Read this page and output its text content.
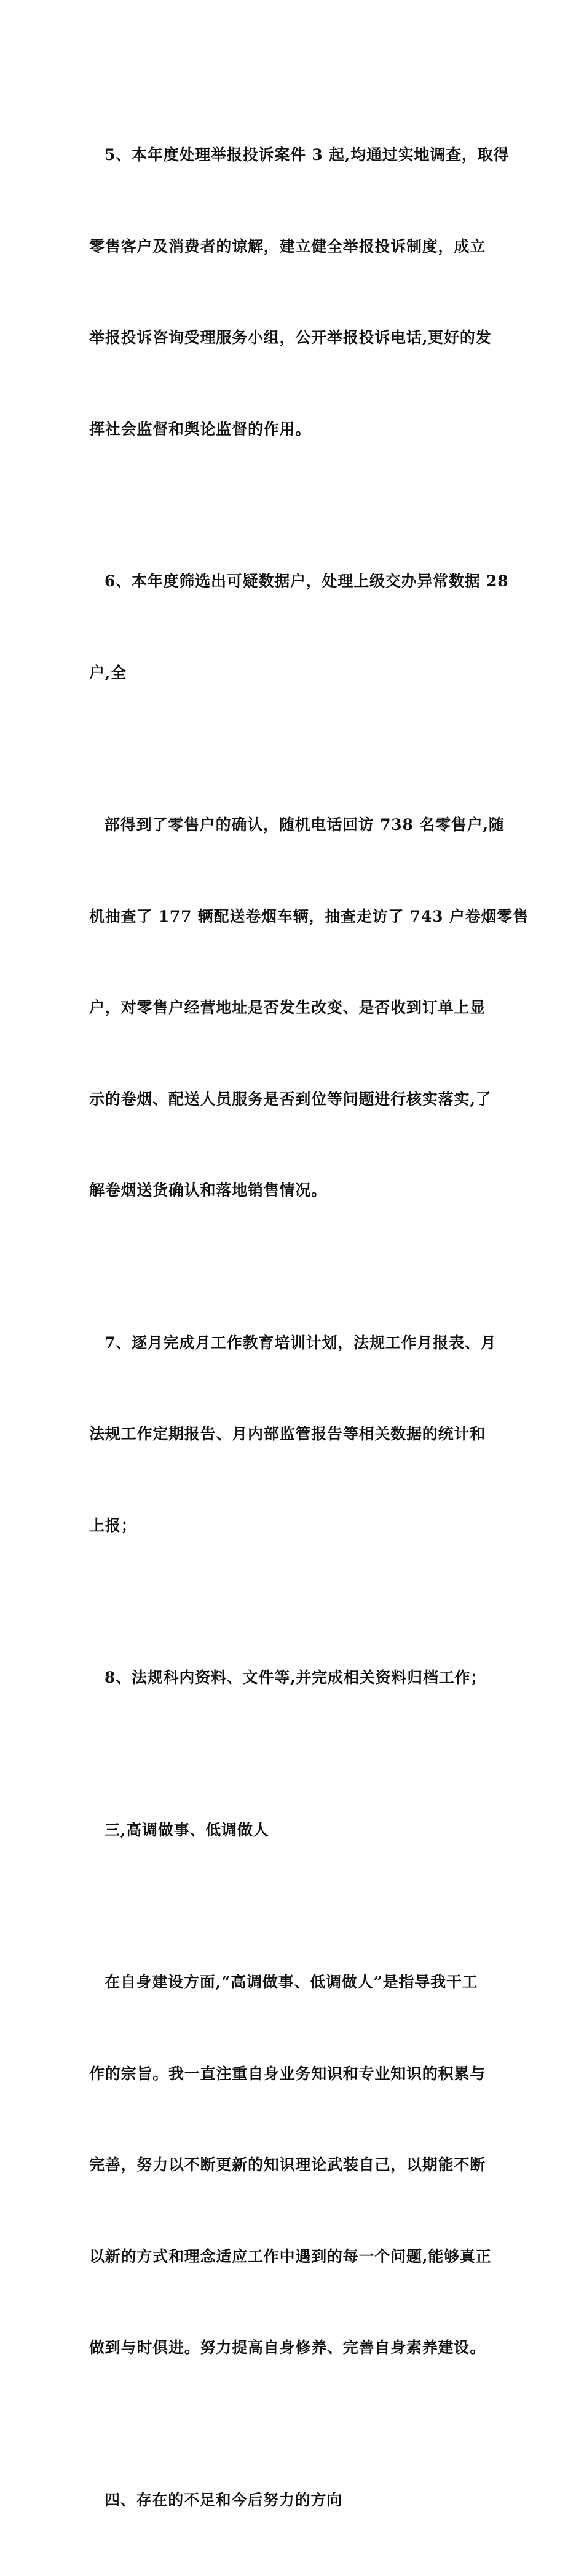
5、本年度处理举报投诉案件 3 起,均通过实地调查，取得

零售客户及消费者的谅解，建立健全举报投诉制度，成立

举报投诉咨询受理服务小组，公开举报投诉电话,更好的发

挥社会监督和舆论监督的作用。

6、本年度筛选出可疑数据户，处理上级交办异常数据 28

户,全

部得到了零售户的确认，随机电话回访 738 名零售户,随

机抽查了 177 辆配送卷烟车辆，抽查走访了 743 户卷烟零售

户，对零售户经营地址是否发生改变、是否收到订单上显

示的卷烟、配送人员服务是否到位等问题进行核实落实,了

解卷烟送货确认和落地销售情况。

7、逐月完成月工作教育培训计划，法规工作月报表、月

法规工作定期报告、月内部监管报告等相关数据的统计和

上报；

8、法规科内资料、文件等,并完成相关资料归档工作；

三,高调做事、低调做人

在自身建设方面,“高调做事、低调做人”是指导我干工

作的宗旨。我一直注重自身业务知识和专业知识的积累与

完善，努力以不断更新的知识理论武装自己，以期能不断

以新的方式和理念适应工作中遇到的每一个问题,能够真正

做到与时俱进。努力提高自身修养、完善自身素养建设。

四、存在的不足和今后努力的方向
